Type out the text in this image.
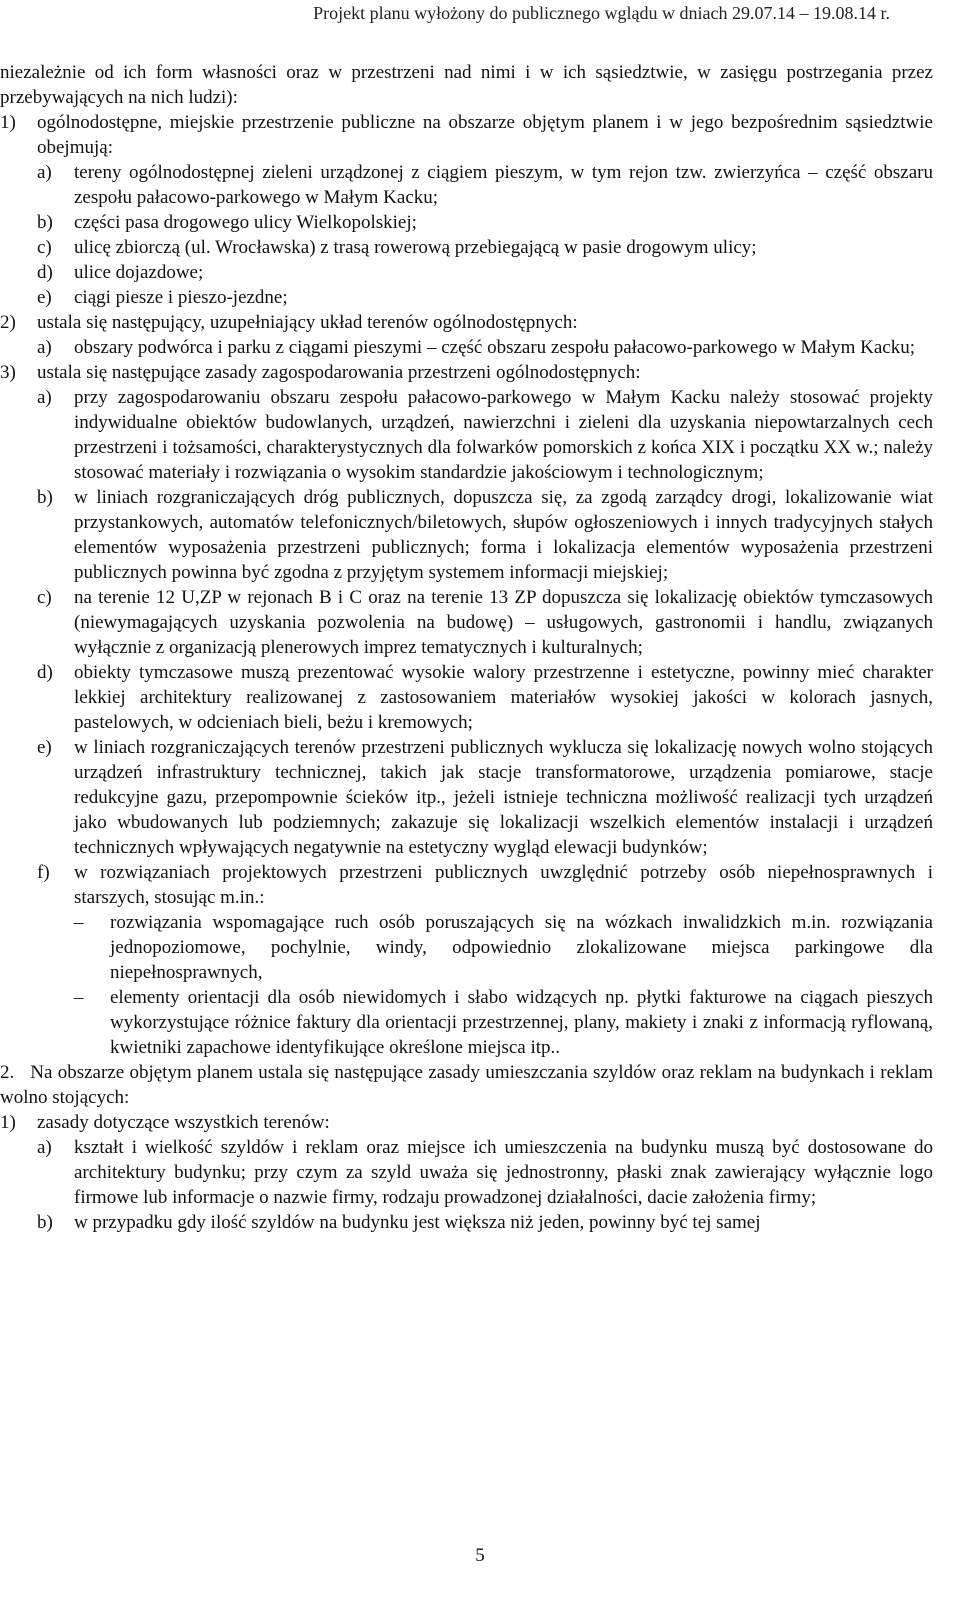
Projekt planu wyłożony do publicznego wglądu w dniach 29.07.14 – 19.08.14 r.

niezależnie od ich form własności oraz w przestrzeni nad nimi i w ich sąsiedztwie, w zasięgu postrzegania przez przebywających na nich ludzi):

1)	ogólnodostępne, miejskie przestrzenie publiczne na obszarze objętym planem i w jego bezpośrednim sąsiedztwie obejmują:
a)	tereny ogólnodostępnej zieleni urządzonej z ciągiem pieszym, w tym rejon tzw. zwierzyńca – część obszaru zespołu pałacowo-parkowego w Małym Kacku;
b)	części pasa drogowego ulicy Wielkopolskiej;
c)	ulicę zbiorczą (ul. Wrocławska) z trasą rowerową przebiegającą w pasie drogowym ulicy;
d)	ulice dojazdowe;
e)	ciągi piesze i pieszo-jezdne;
2)	ustala się następujący, uzupełniający układ terenów ogólnodostępnych:
a)	obszary podwórca i parku z ciągami pieszymi – część obszaru zespołu pałacowo-parkowego w Małym Kacku;
3)	ustala się następujące zasady zagospodarowania przestrzeni ogólnodostępnych:
a)	przy zagospodarowaniu obszaru zespołu pałacowo-parkowego w Małym Kacku należy stosować projekty indywidualne obiektów budowlanych, urządzeń, nawierzchni i zieleni dla uzyskania niepowtarzalnych cech przestrzeni i tożsamości, charakterystycznych dla folwarków pomorskich z końca XIX i początku XX w.; należy stosować materiały i rozwiązania o wysokim standardzie jakościowym i technologicznym;
b)	w liniach rozgraniczających dróg publicznych, dopuszcza się, za zgodą zarządcy drogi, lokalizowanie wiat przystankowych, automatów telefonicznych/biletowych, słupów ogłoszeniowych i innych tradycyjnych stałych elementów wyposażenia przestrzeni publicznych; forma i lokalizacja elementów wyposażenia przestrzeni publicznych powinna być zgodna z przyjętym systemem informacji miejskiej;
c)	na terenie 12 U,ZP w rejonach B i C oraz na terenie 13 ZP dopuszcza się lokalizację obiektów tymczasowych (niewymagających uzyskania pozwolenia na budowę) – usługowych, gastronomii i handlu, związanych wyłącznie z organizacją plenerowych imprez tematycznych i kulturalnych;
d)	obiekty tymczasowe muszą prezentować wysokie walory przestrzenne i estetyczne, powinny mieć charakter lekkiej architektury realizowanej z zastosowaniem materiałów wysokiej jakości w kolorach jasnych, pastelowych, w odcieniach bieli, beżu i kremowych;
e)	w liniach rozgraniczających terenów przestrzeni publicznych wyklucza się lokalizację nowych wolno stojących urządzeń infrastruktury technicznej, takich jak stacje transformatorowe, urządzenia pomiarowe, stacje redukcyjne gazu, przepompownie ścieków itp., jeżeli istnieje techniczna możliwość realizacji tych urządzeń jako wbudowanych lub podziemnych; zakazuje się lokalizacji wszelkich elementów instalacji i urządzeń technicznych wpływających negatywnie na estetyczny wygląd elewacji budynków;
f)	w rozwiązaniach projektowych przestrzeni publicznych uwzględnić potrzeby osób niepełnosprawnych i starszych, stosując m.in.:
–	rozwiązania wspomagające ruch osób poruszających się na wózkach inwalidzkich m.in. rozwiązania jednopoziomowe, pochylnie, windy, odpowiednio zlokalizowane miejsca parkingowe dla niepełnosprawnych,
–	elementy orientacji dla osób niewidomych i słabo widzących np. płytki fakturowe na ciągach pieszych wykorzystujące różnice faktury dla orientacji przestrzennej, plany, makiety i znaki z informacją ryflowaną, kwietniki zapachowe identyfikujące określone miejsca itp..
2. Na obszarze objętym planem ustala się następujące zasady umieszczania szyldów oraz reklam na budynkach i reklam wolno stojących:
1)	zasady dotyczące wszystkich terenów:
a)	kształt i wielkość szyldów i reklam oraz miejsce ich umieszczenia na budynku muszą być dostosowane do architektury budynku; przy czym za szyld uważa się jednostronny, płaski znak zawierający wyłącznie logo firmowe lub informacje o nazwie firmy, rodzaju prowadzonej działalności, dacie założenia firmy;
b)	w przypadku gdy ilość szyldów na budynku jest większa niż jeden, powinny być tej samej
5
